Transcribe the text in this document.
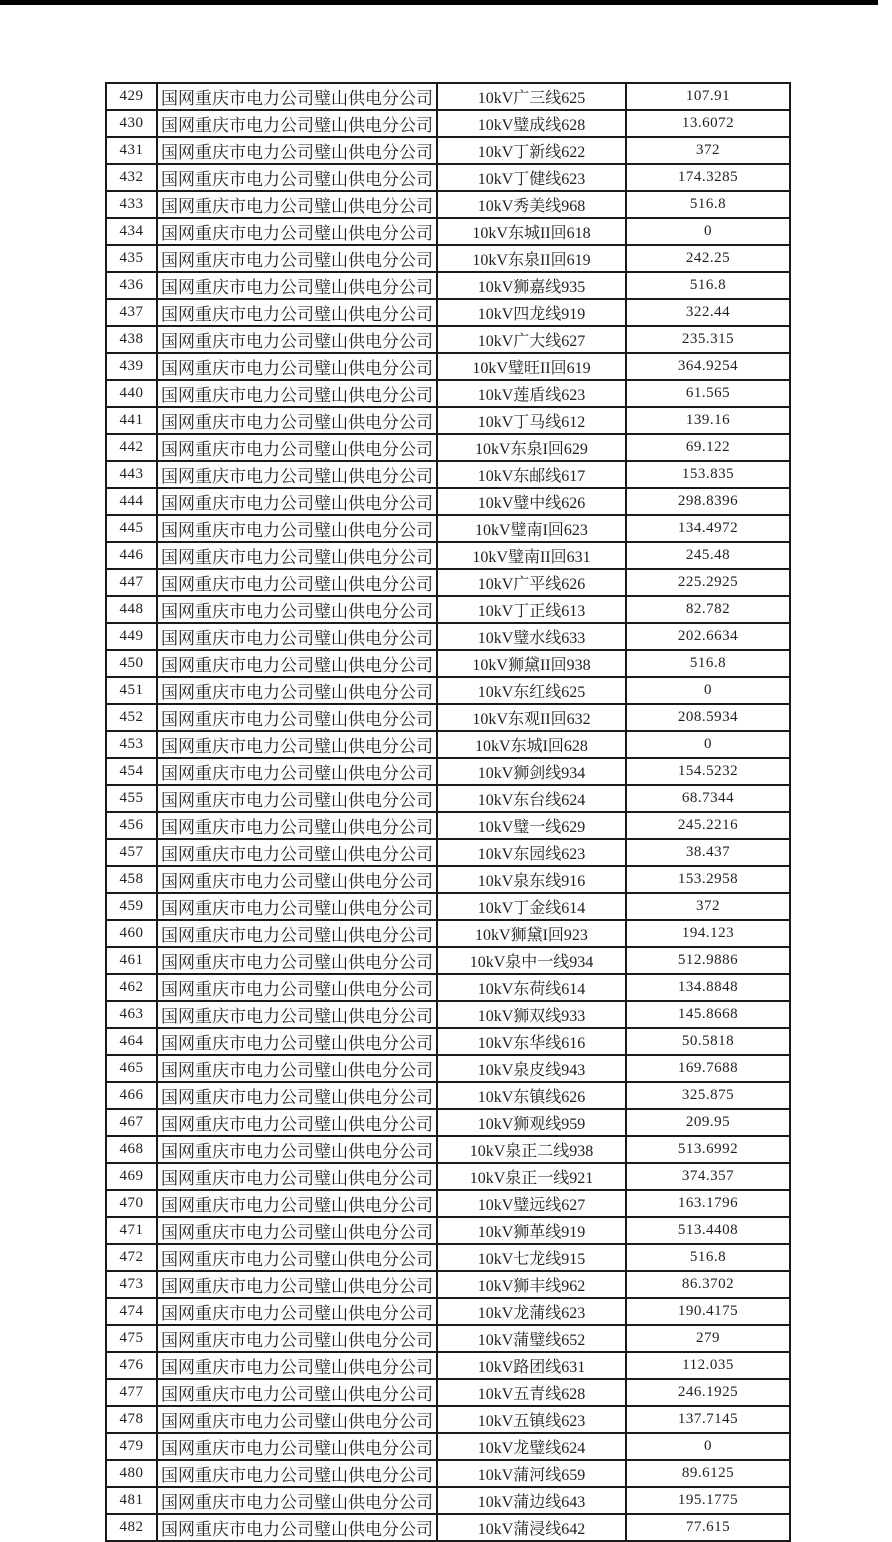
429	国网重庆市电力公司璧山供电分公司	10kV广三线625	107.91
430	国网重庆市电力公司璧山供电分公司	10kV璧成线628	13.6072
431	国网重庆市电力公司璧山供电分公司	10kV丁新线622	372
432	国网重庆市电力公司璧山供电分公司	10kV丁健线623	174.3285
433	国网重庆市电力公司璧山供电分公司	10kV秀美线968	516.8
434	国网重庆市电力公司璧山供电分公司	10kV东城II回618	0
435	国网重庆市电力公司璧山供电分公司	10kV东泉II回619	242.25
436	国网重庆市电力公司璧山供电分公司	10kV狮嘉线935	516.8
437	国网重庆市电力公司璧山供电分公司	10kV四龙线919	322.44
438	国网重庆市电力公司璧山供电分公司	10kV广大线627	235.315
439	国网重庆市电力公司璧山供电分公司	10kV璧旺II回619	364.9254
440	国网重庆市电力公司璧山供电分公司	10kV莲盾线623	61.565
441	国网重庆市电力公司璧山供电分公司	10kV丁马线612	139.16
442	国网重庆市电力公司璧山供电分公司	10kV东泉I回629	69.122
443	国网重庆市电力公司璧山供电分公司	10kV东邮线617	153.835
444	国网重庆市电力公司璧山供电分公司	10kV璧中线626	298.8396
445	国网重庆市电力公司璧山供电分公司	10kV璧南I回623	134.4972
446	国网重庆市电力公司璧山供电分公司	10kV璧南II回631	245.48
447	国网重庆市电力公司璧山供电分公司	10kV广平线626	225.2925
448	国网重庆市电力公司璧山供电分公司	10kV丁正线613	82.782
449	国网重庆市电力公司璧山供电分公司	10kV璧水线633	202.6634
450	国网重庆市电力公司璧山供电分公司	10kV狮黛II回938	516.8
451	国网重庆市电力公司璧山供电分公司	10kV东红线625	0
452	国网重庆市电力公司璧山供电分公司	10kV东观II回632	208.5934
453	国网重庆市电力公司璧山供电分公司	10kV东城I回628	0
454	国网重庆市电力公司璧山供电分公司	10kV狮剑线934	154.5232
455	国网重庆市电力公司璧山供电分公司	10kV东台线624	68.7344
456	国网重庆市电力公司璧山供电分公司	10kV璧一线629	245.2216
457	国网重庆市电力公司璧山供电分公司	10kV东园线623	38.437
458	国网重庆市电力公司璧山供电分公司	10kV泉东线916	153.2958
459	国网重庆市电力公司璧山供电分公司	10kV丁金线614	372
460	国网重庆市电力公司璧山供电分公司	10kV狮黛I回923	194.123
461	国网重庆市电力公司璧山供电分公司	10kV泉中一线934	512.9886
462	国网重庆市电力公司璧山供电分公司	10kV东荷线614	134.8848
463	国网重庆市电力公司璧山供电分公司	10kV狮双线933	145.8668
464	国网重庆市电力公司璧山供电分公司	10kV东华线616	50.5818
465	国网重庆市电力公司璧山供电分公司	10kV泉皮线943	169.7688
466	国网重庆市电力公司璧山供电分公司	10kV东镇线626	325.875
467	国网重庆市电力公司璧山供电分公司	10kV狮观线959	209.95
468	国网重庆市电力公司璧山供电分公司	10kV泉正二线938	513.6992
469	国网重庆市电力公司璧山供电分公司	10kV泉正一线921	374.357
470	国网重庆市电力公司璧山供电分公司	10kV璧远线627	163.1796
471	国网重庆市电力公司璧山供电分公司	10kV狮革线919	513.4408
472	国网重庆市电力公司璧山供电分公司	10kV七龙线915	516.8
473	国网重庆市电力公司璧山供电分公司	10kV狮丰线962	86.3702
474	国网重庆市电力公司璧山供电分公司	10kV龙蒲线623	190.4175
475	国网重庆市电力公司璧山供电分公司	10kV蒲璧线652	279
476	国网重庆市电力公司璧山供电分公司	10kV路团线631	112.035
477	国网重庆市电力公司璧山供电分公司	10kV五青线628	246.1925
478	国网重庆市电力公司璧山供电分公司	10kV五镇线623	137.7145
479	国网重庆市电力公司璧山供电分公司	10kV龙璧线624	0
480	国网重庆市电力公司璧山供电分公司	10kV蒲河线659	89.6125
481	国网重庆市电力公司璧山供电分公司	10kV蒲边线643	195.1775
482	国网重庆市电力公司璧山供电分公司	10kV蒲浸线642	77.615
